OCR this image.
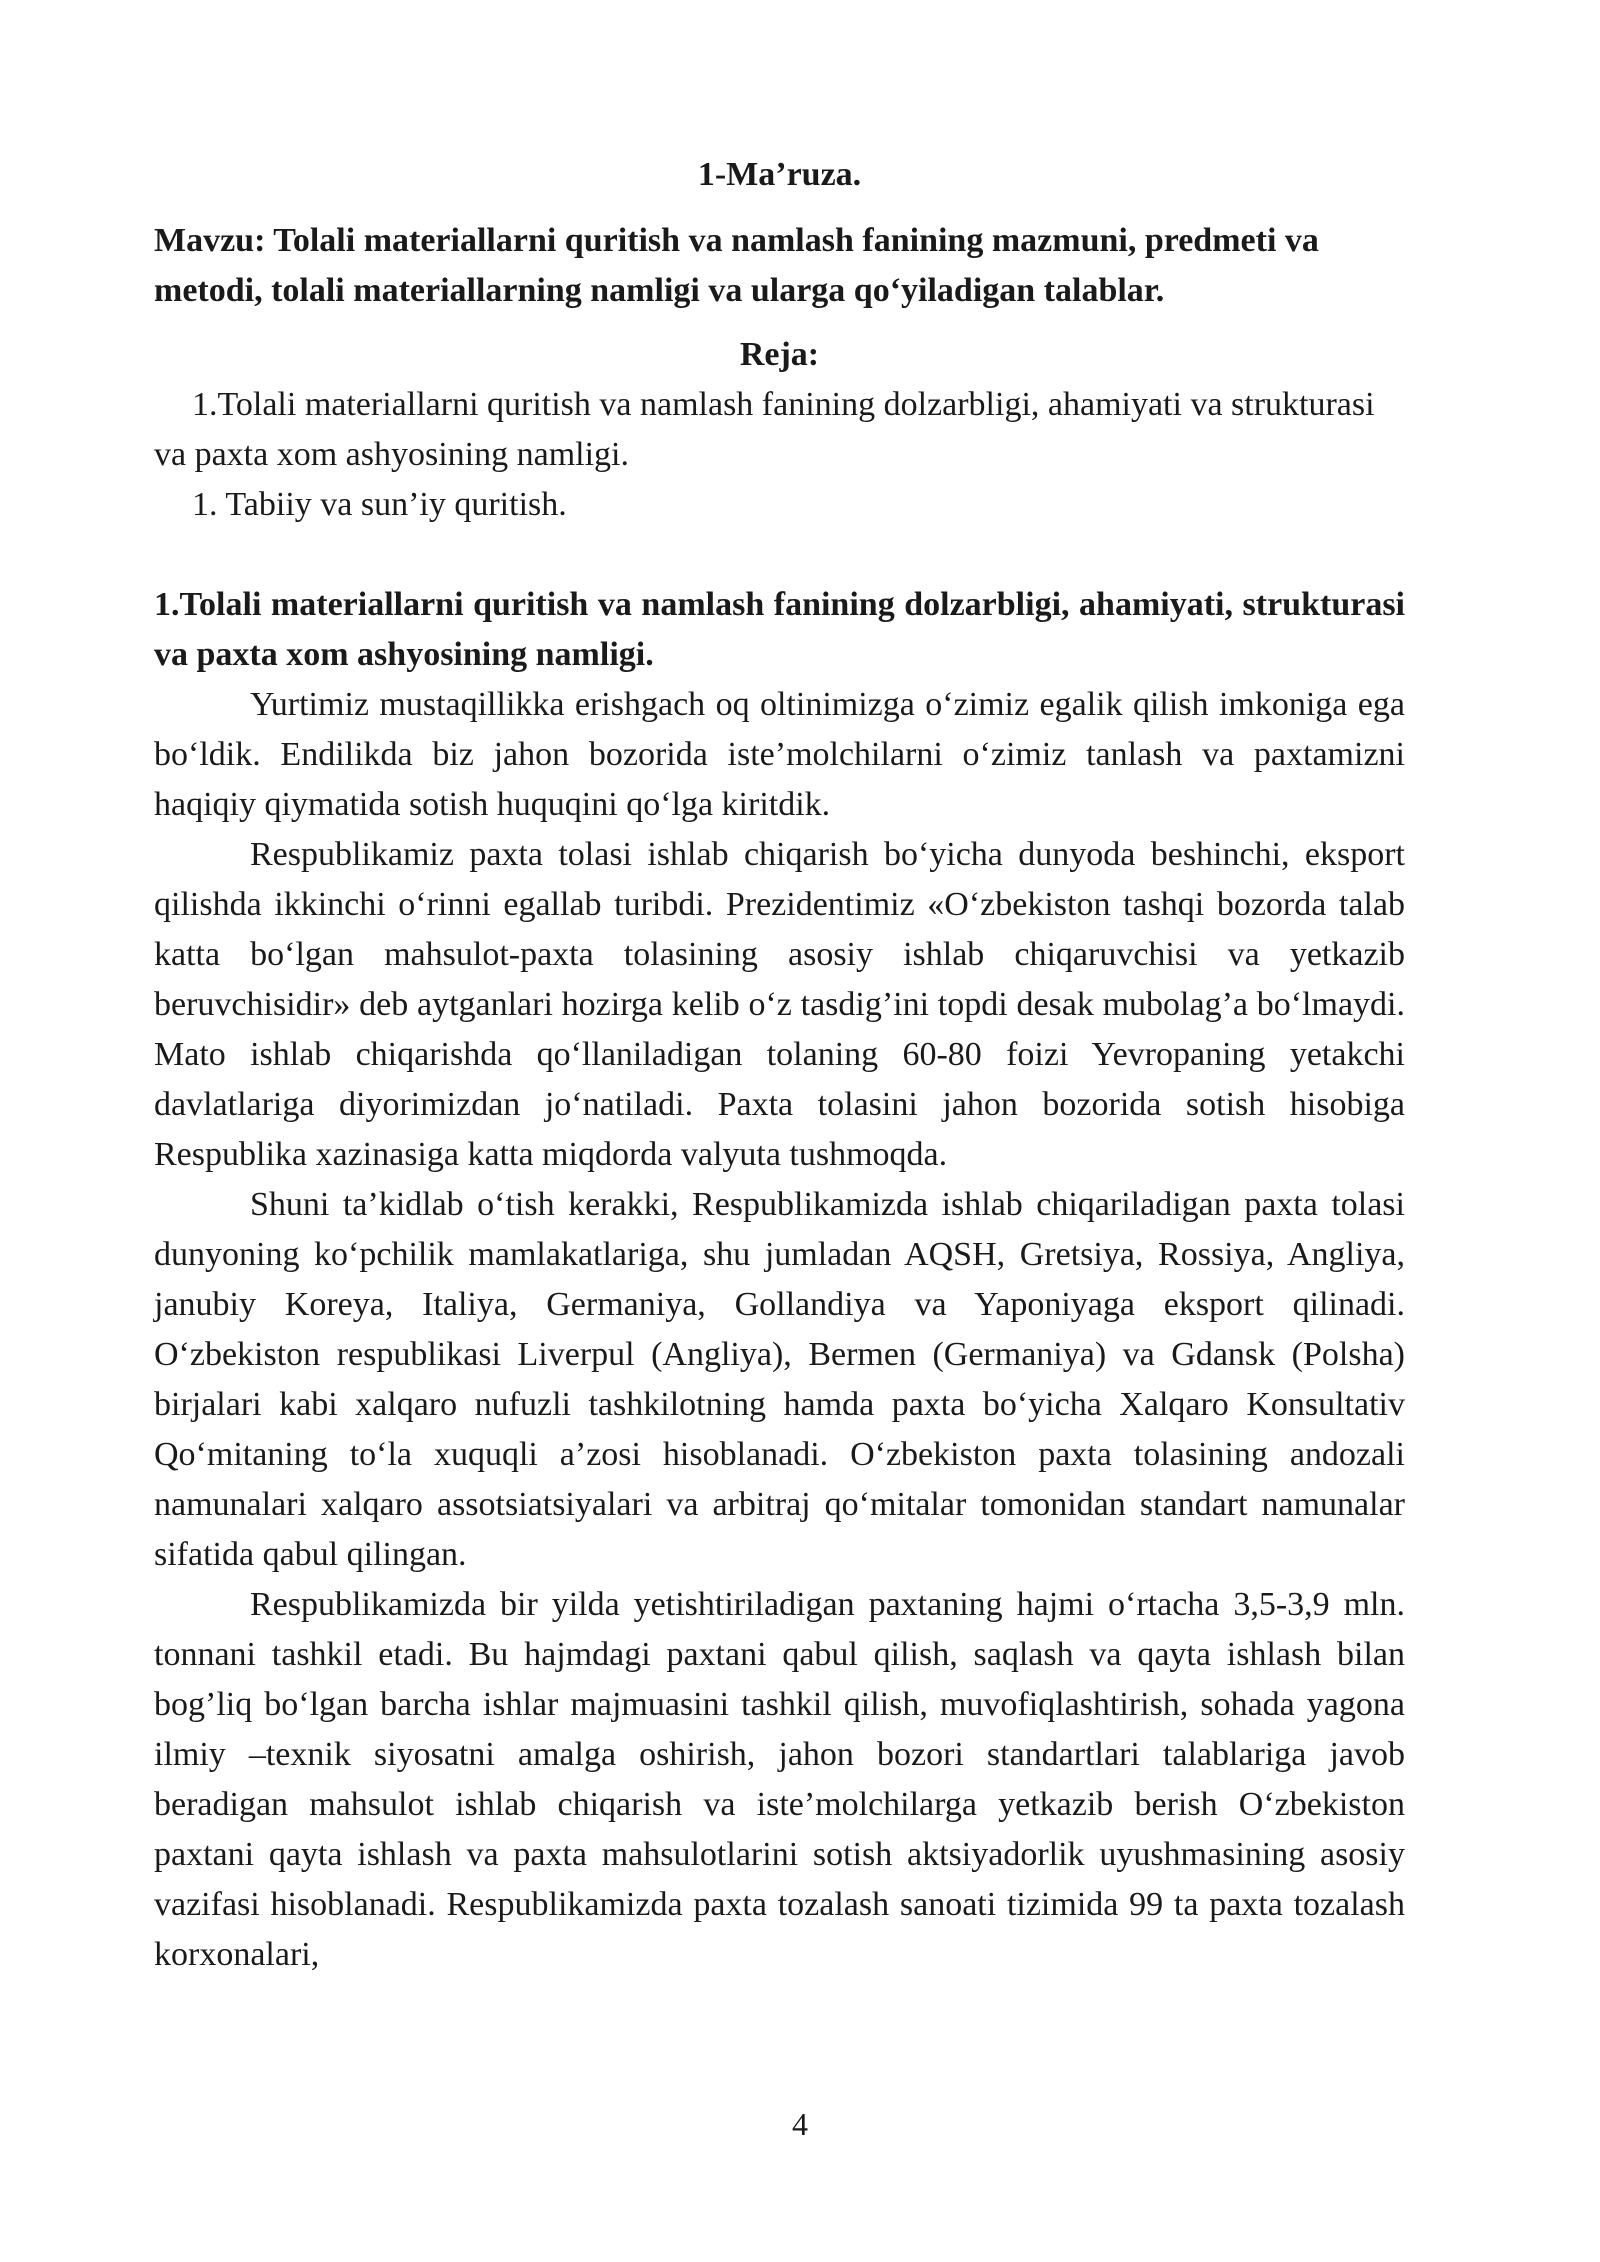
1-Ma’ruza.

Mavzu: Tolali materiallarni quritish va namlash fanining mazmuni, predmeti va metodi, tolali materiallarning namligi va ularga qo‘yiladigan talablar.

Reja:

1.Tolali materiallarni quritish va namlash fanining dolzarbligi, ahamiyati va strukturasi va paxta xom ashyosining namligi.

1. Tabiiy va sun’iy quritish.

1.Tolali materiallarni quritish va namlash fanining dolzarbligi, ahamiyati, strukturasi va paxta xom ashyosining namligi.

Yurtimiz mustaqillikka erishgach oq oltinimizga o‘zimiz egalik qilish imkoniga ega bo‘ldik. Endilikda biz jahon bozorida iste’molchilarni o‘zimiz tanlash va paxtamizni haqiqiy qiymatida sotish huquqini qo‘lga kiritdik.

Respublikamiz paxta tolasi ishlab chiqarish bo‘yicha dunyoda beshinchi, eksport qilishda ikkinchi o‘rinni egallab turibdi. Prezidentimiz «O‘zbekiston tashqi bozorda talab katta bo‘lgan mahsulot-paxta tolasining asosiy ishlab chiqaruvchisi va yetkazib beruvchisidir» deb aytganlari hozirga kelib o‘z tasdig’ini topdi desak mubolag’a bo‘lmaydi. Mato ishlab chiqarishda qo‘llaniladigan tolaning 60-80 foizi Yevropaning yetakchi davlatlariga diyorimizdan jo‘natiladi. Paxta tolasini jahon bozorida sotish hisobiga Respublika xazinasiga katta miqdorda valyuta tushmoqda.

Shuni ta’kidlab o‘tish kerakki, Respublikamizda ishlab chiqariladigan paxta tolasi dunyoning ko‘pchilik mamlakatlariga, shu jumladan AQSH, Gretsiya, Rossiya, Angliya, janubiy Koreya, Italiya, Germaniya, Gollandiya va Yaponiyaga eksport qilinadi. O‘zbekiston respublikasi Liverpul (Angliya), Bermen (Germaniya) va Gdansk (Polsha) birjalari kabi xalqaro nufuzli tashkilotning hamda paxta bo‘yicha Xalqaro Konsultativ Qo‘mitaning to‘la xuquqli a’zosi hisoblanadi. O‘zbekiston paxta tolasining andozali namunalari xalqaro assotsiatsiyalari va arbitraj qo‘mitalar tomonidan standart namunalar sifatida qabul qilingan.

Respublikamizda bir yilda yetishtiriladigan paxtaning hajmi o‘rtacha 3,5-3,9 mln. tonnani tashkil etadi. Bu hajmdagi paxtani qabul qilish, saqlash va qayta ishlash bilan bog’liq bo‘lgan barcha ishlar majmuasini tashkil qilish, muvofiqlashtirish, sohada yagona ilmiy –texnik siyosatni amalga oshirish, jahon bozori standartlari talablariga javob beradigan mahsulot ishlab chiqarish va iste’molchilarga yetkazib berish O‘zbekiston paxtani qayta ishlash va paxta mahsulotlarini sotish aktsiyadorlik uyushmasining asosiy vazifasi hisoblanadi. Respublikamizda paxta tozalash sanoati tizimida 99 ta paxta tozalash korxonalari,

4
